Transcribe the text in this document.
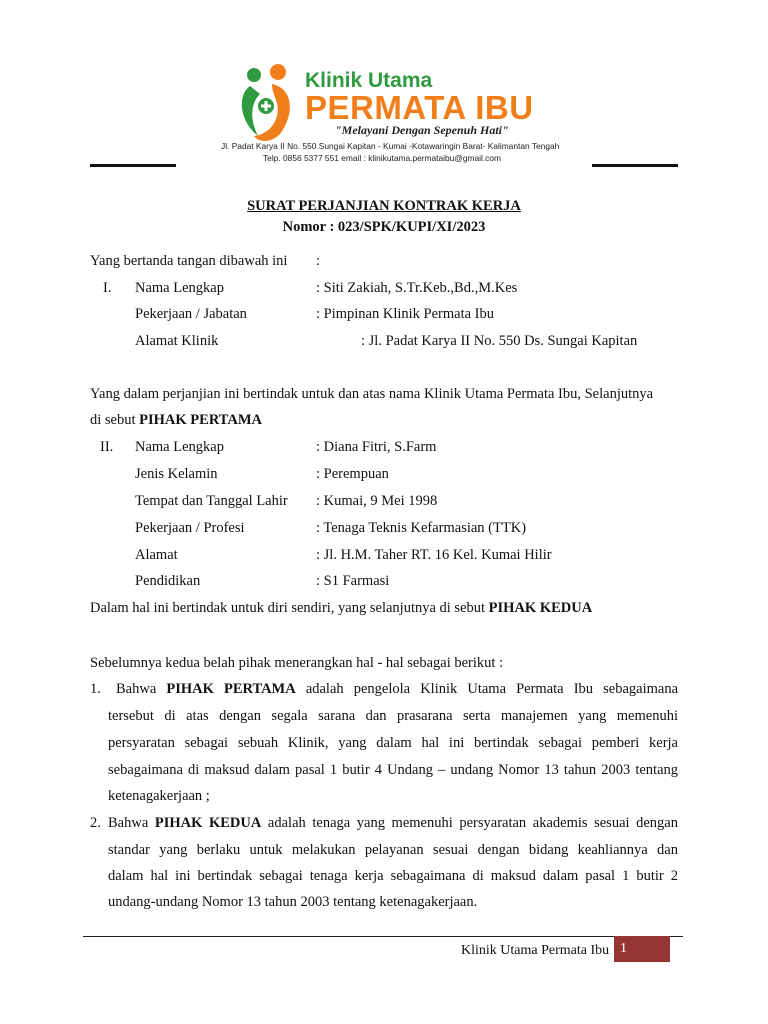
Klinik Utama
PERMATA IBU
"Melayani Dengan Sepenuh Hati"
Jl. Padat Karya II No. 550 Sungai Kapitan - Kumai -Kotawaringin Barat- Kalimantan Tengah
Telp. 0856 5377 551 email : klinikutama.permataibu@gmail.com
SURAT PERJANJIAN KONTRAK KERJA
Nomor : 023/SPK/KUPI/XI/2023
Yang bertanda tangan dibawah ini :
I. Nama Lengkap	: Siti Zakiah, S.Tr.Keb.,Bd.,M.Kes
Pekerjaan / Jabatan	: Pimpinan Klinik Permata Ibu
Alamat Klinik	: Jl. Padat Karya II No. 550 Ds. Sungai Kapitan
Yang dalam perjanjian ini bertindak untuk dan atas nama Klinik Utama Permata Ibu, Selanjutnya
di sebut PIHAK PERTAMA
II. Nama Lengkap	: Diana Fitri, S.Farm
Jenis Kelamin	: Perempuan
Tempat dan Tanggal Lahir : Kumai, 9 Mei 1998
Pekerjaan / Profesi	: Tenaga Teknis Kefarmasian (TTK)
Alamat	: Jl. H.M. Taher RT. 16 Kel. Kumai Hilir
Pendidikan	: S1 Farmasi
Dalam hal ini bertindak untuk diri sendiri, yang selanjutnya di sebut PIHAK KEDUA
Sebelumnya kedua belah pihak menerangkan hal - hal sebagai berikut :
1. Bahwa PIHAK PERTAMA adalah pengelola Klinik Utama Permata Ibu sebagaimana
tersebut di atas dengan segala sarana dan prasarana serta manajemen yang memenuhi
persyaratan sebagai sebuah Klinik, yang dalam hal ini bertindak sebagai pemberi kerja
sebagaimana di maksud dalam pasal 1 butir 4 Undang – undang Nomor 13 tahun 2003 tentang
ketenagakerjaan ;
2. Bahwa PIHAK KEDUA adalah tenaga yang memenuhi persyaratan akademis sesuai dengan
standar yang berlaku untuk melakukan pelayanan sesuai dengan bidang keahliannya dan
dalam hal ini bertindak sebagai tenaga kerja sebagaimana di maksud dalam pasal 1 butir 2
undang-undang Nomor 13 tahun 2003 tentang ketenagakerjaan.
Klinik Utama Permata Ibu 1
